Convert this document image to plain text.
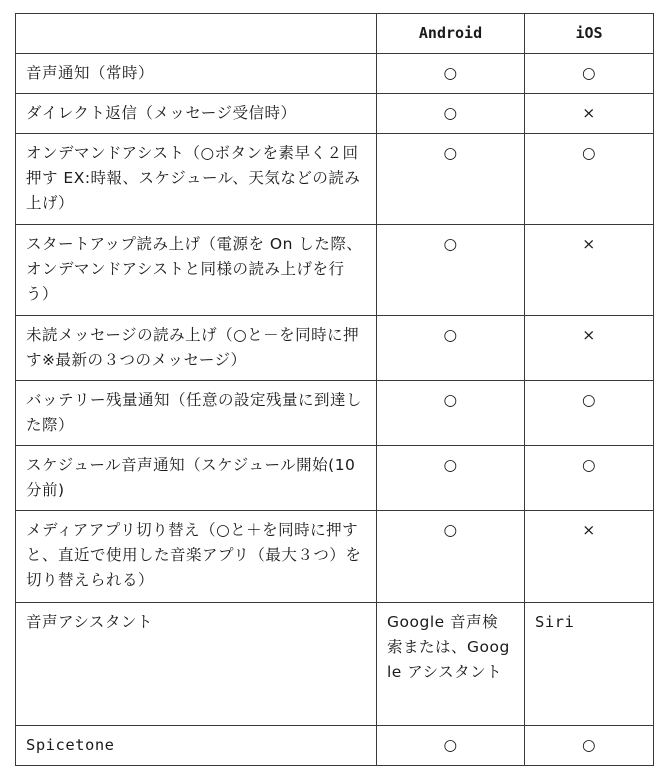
	Android	iOS
音声通知（常時）	○	○
ダイレクト返信（メッセージ受信時）	○	×
オンデマンドアシスト（○ボタンを素早く２回押す EX:時報、スケジュール、天気などの読み上げ）	○	○
スタートアップ読み上げ（電源を On した際、オンデマンドアシストと同様の読み上げを行う）	○	×
未読メッセージの読み上げ（○と－を同時に押す※最新の３つのメッセージ）	○	×
バッテリー残量通知（任意の設定残量に到達した際）	○	○
スケジュール音声通知（スケジュール開始(10 分前)	○	○
メディアアプリ切り替え（○と＋を同時に押すと、直近で使用した音楽アプリ（最大３つ）を切り替えられる）	○	×
音声アシスタント	Google 音声検索または、Google アシスタント	Siri
Spicetone	○	○
